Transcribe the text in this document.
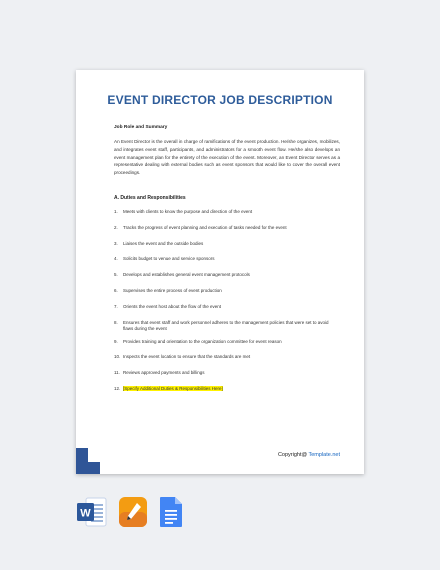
EVENT DIRECTOR JOB DESCRIPTION
Job Role and Summary
An Event Director is the overall in charge of ramifications of the event production. He/she organizes, mobilizes, and integrates event staff, participants, and administrators for a smooth event flow. He/she also develops an event management plan for the entirety of the execution of the event. Moreover, an Event Director serves as a representative dealing with external bodies such as event sponsors that would like to cover the overall event proceedings.
A. Duties and Responsibilities
1. Meets with clients to know the purpose and direction of the event
2. Tracks the progress of event planning and execution of tasks needed for the event
3. Liaises the event and the outside bodies
4. Solicits budget to venue and service sponsors
5. Develops and establishes general event management protocols
6. Supervises the entire process of event production
7. Orients the event host about the flow of the event
8. Ensures that event staff and work personnel adheres to the management policies that were set to avoid flaws during the event
9. Provides training and orientation to the organization committee for event reason
10. Inspects the event location to ensure that the standards are met
11. Reviews approved payments and billings
12. [Specify Additional Duties & Responsibilities Here]
Copyright@ Template.net
W
